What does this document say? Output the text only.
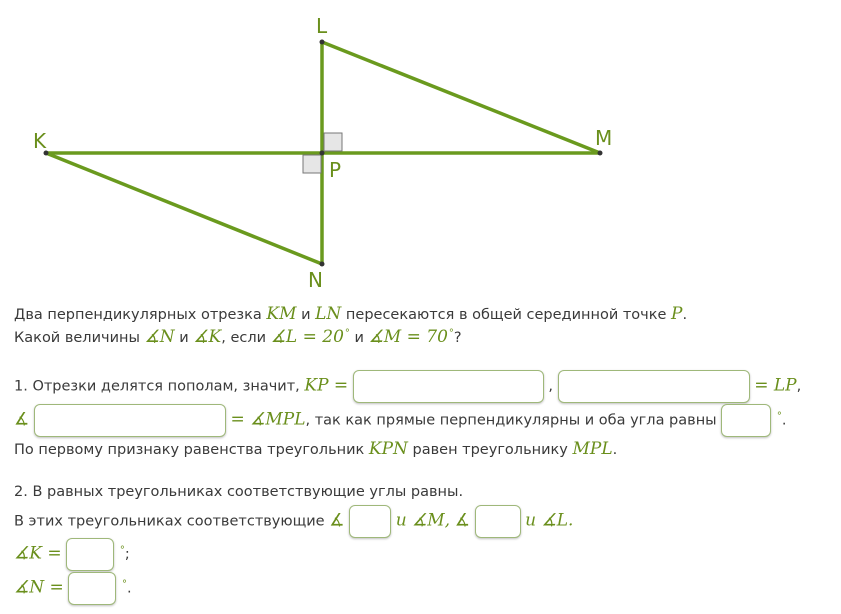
L
M
K
N
P
Два перпендикулярных отрезка KM и LN пересекаются в общей серединной точке P.
Какой величины ∡N и ∡K, если ∡L = 20° и ∡M = 70°?
1. Отрезки делятся пополам, значит, KP =	,	= LP,
∡	= ∡MPL, так как прямые перпендикулярны и оба угла равны	°.
По первому признаку равенства треугольник KPN равен треугольнику MPL.
2. В равных треугольниках соответствующие углы равны.
В этих треугольниках соответствующие ∡	и ∡M, ∡	и ∡L.
∡K =	°;
∡N =	°.
